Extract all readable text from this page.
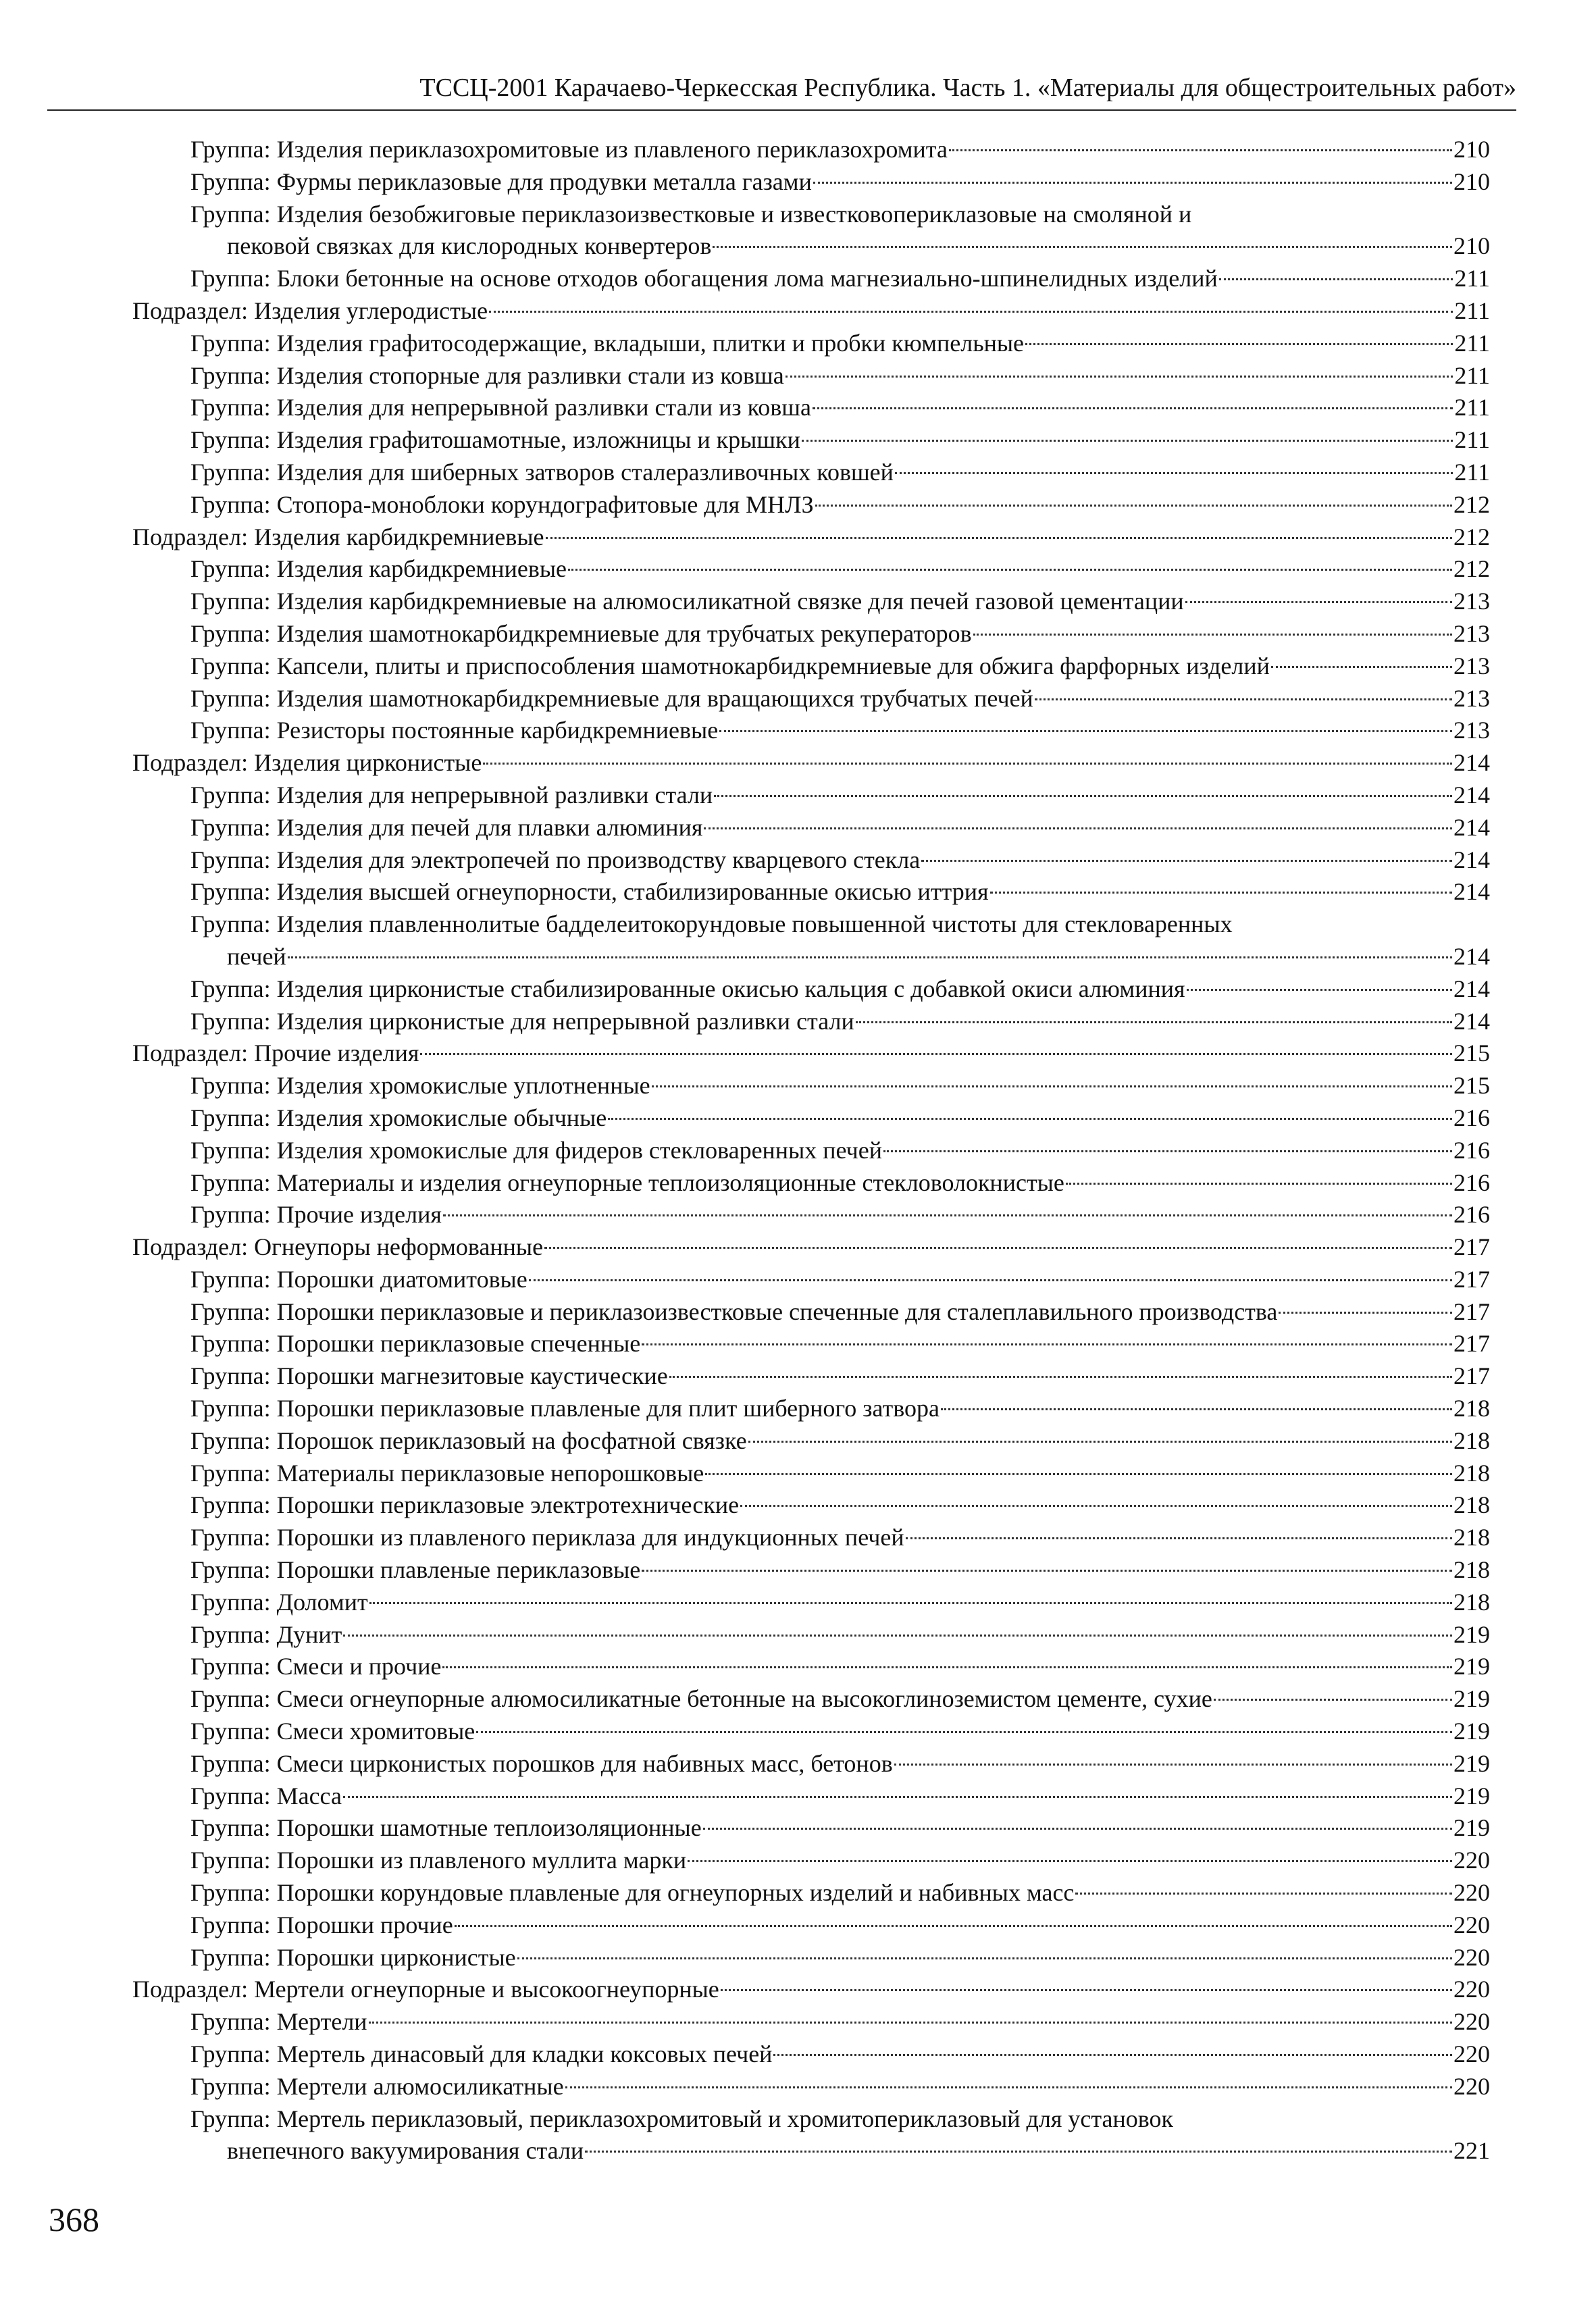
ТССЦ-2001 Карачаево-Черкесская Республика. Часть 1. «Материалы для общестроительных работ»
Группа: Изделия периклазохромитовые из плавленого периклазохромита	210
Группа: Фурмы периклазовые для продувки металла газами	210
Группа: Изделия безобжиговые периклазоизвестковые и известковопериклазовые на смоляной и
пековой связках для кислородных конвертеров	210
Группа: Блоки бетонные на основе отходов обогащения лома магнезиально-шпинелидных изделий	211
Подраздел: Изделия углеродистые	211
Группа: Изделия графитосодержащие, вкладыши, плитки и пробки кюмпельные	211
Группа: Изделия стопорные для разливки стали из ковша	211
Группа: Изделия для непрерывной разливки стали из ковша	211
Группа: Изделия графитошамотные, изложницы и крышки	211
Группа: Изделия для шиберных затворов сталеразливочных ковшей	211
Группа: Стопора-моноблоки корундографитовые для МНЛЗ	212
Подраздел: Изделия карбидкремниевые	212
Группа: Изделия карбидкремниевые	212
Группа: Изделия карбидкремниевые на алюмосиликатной связке для печей газовой цементации	213
Группа: Изделия шамотнокарбидкремниевые для трубчатых рекуператоров	213
Группа: Капсели, плиты и приспособления шамотнокарбидкремниевые для обжига фарфорных изделий	213
Группа: Изделия шамотнокарбидкремниевые для вращающихся трубчатых печей	213
Группа: Резисторы постоянные карбидкремниевые	213
Подраздел: Изделия цирконистые	214
Группа: Изделия для непрерывной разливки стали	214
Группа: Изделия для печей для плавки алюминия	214
Группа: Изделия для электропечей по производству кварцевого стекла	214
Группа: Изделия высшей огнеупорности, стабилизированные окисью иттрия	214
Группа: Изделия плавленнолитые бадделеитокорундовые повышенной чистоты для стекловаренных
печей	214
Группа: Изделия цирконистые стабилизированные окисью кальция с добавкой окиси алюминия	214
Группа: Изделия цирконистые для непрерывной разливки стали	214
Подраздел: Прочие изделия	215
Группа: Изделия хромокислые уплотненные	215
Группа: Изделия хромокислые обычные	216
Группа: Изделия хромокислые для фидеров стекловаренных печей	216
Группа: Материалы и изделия огнеупорные теплоизоляционные стекловолокнистые	216
Группа: Прочие изделия	216
Подраздел: Огнеупоры неформованные	217
Группа: Порошки диатомитовые	217
Группа: Порошки периклазовые и периклазоизвестковые спеченные для сталеплавильного производства	217
Группа: Порошки периклазовые спеченные	217
Группа: Порошки магнезитовые каустические	217
Группа: Порошки периклазовые плавленые для плит шиберного затвора	218
Группа: Порошок периклазовый на фосфатной связке	218
Группа: Материалы периклазовые непорошковые	218
Группа: Порошки периклазовые электротехнические	218
Группа: Порошки из плавленого периклаза для индукционных печей	218
Группа: Порошки плавленые периклазовые	218
Группа: Доломит	218
Группа: Дунит	219
Группа: Смеси и прочие	219
Группа: Смеси огнеупорные алюмосиликатные бетонные на высокоглиноземистом цементе, сухие	219
Группа: Смеси хромитовые	219
Группа: Смеси цирконистых порошков для набивных масс, бетонов	219
Группа: Масса	219
Группа: Порошки шамотные теплоизоляционные	219
Группа: Порошки из плавленого муллита марки	220
Группа: Порошки корундовые плавленые для огнеупорных изделий и набивных масс	220
Группа: Порошки прочие	220
Группа: Порошки цирконистые	220
Подраздел: Мертели огнеупорные и высокоогнеупорные	220
Группа: Мертели	220
Группа: Мертель динасовый для кладки коксовых печей	220
Группа: Мертели алюмосиликатные	220
Группа: Мертель периклазовый, периклазохромитовый и хромитопериклазовый для установок
внепечного вакуумирования стали	221
368
